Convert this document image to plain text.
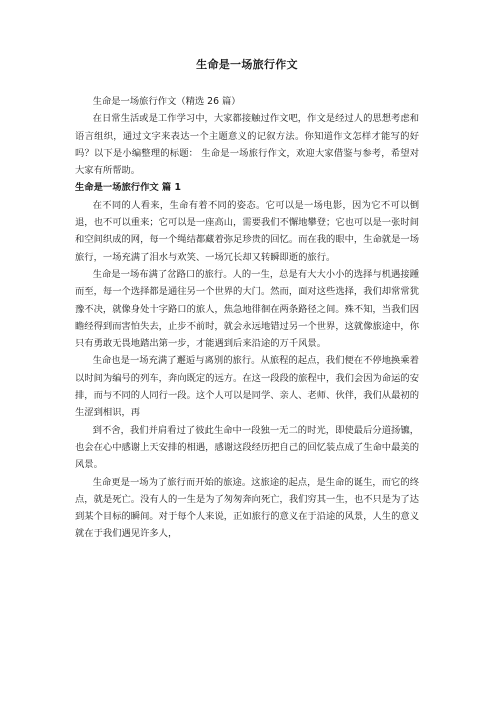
生命是一场旅行作文

生命是一场旅行作文（精选 26 篇）

在日常生活或是工作学习中，大家都接触过作文吧，作文是经过人的思想考虑和语言组织，通过文字来表达一个主题意义的记叙方法。你知道作文怎样才能写的好吗？以下是小编整理的标题： 生命是一场旅行作文，欢迎大家借鉴与参考，希望对大家有所帮助。

生命是一场旅行作文 篇 1

在不同的人看来，生命有着不同的姿态。它可以是一场电影，因为它不可以倒退，也不可以重来；它可以是一座高山，需要我们不懈地攀登；它也可以是一张时间和空间织成的网，每一个绳结都藏着弥足珍贵的回忆。而在我的眼中，生命就是一场旅行，一场充满了泪水与欢笑、一场冗长却又转瞬即逝的旅行。

生命是一场布满了岔路口的旅行。人的一生，总是有大大小小的选择与机遇接踵而至，每一个选择都是通往另一个世界的大门。然而，面对这些选择，我们却常常犹豫不决，就像身处十字路口的旅人，焦急地徘徊在两条路径之间。殊不知，当我们因瞻经得到而害怕失去，止步不前时，就会永远地错过另一个世界，这就像旅途中，你只有勇敢无畏地踏出第一步，才能遇到后来沿途的万千风景。

生命也是一场充满了邂逅与离别的旅行。从旅程的起点，我们便在不停地换乘着以时间为编号的列车，奔向既定的远方。在这一段段的旅程中，我们会因为命运的安排，而与不同的人同行一段。这个人可以是同学、亲人、老师、伙伴，我们从最初的生涩到相识，再

到不舍，我们并肩看过了彼此生命中一段独一无二的时光，即使最后分道扬镳，也会在心中感谢上天安排的相遇，感谢这段经历把自己的回忆装点成了生命中最美的风景。

生命更是一场为了旅行而开始的旅途。这旅途的起点，是生命的诞生，而它的终点，就是死亡。没有人的一生是为了匆匆奔向死亡，我们穷其一生，也不只是为了达到某个目标的瞬间。对于每个人来说，正如旅行的意义在于沿途的风景，人生的意义就在于我们遇见许多人，
